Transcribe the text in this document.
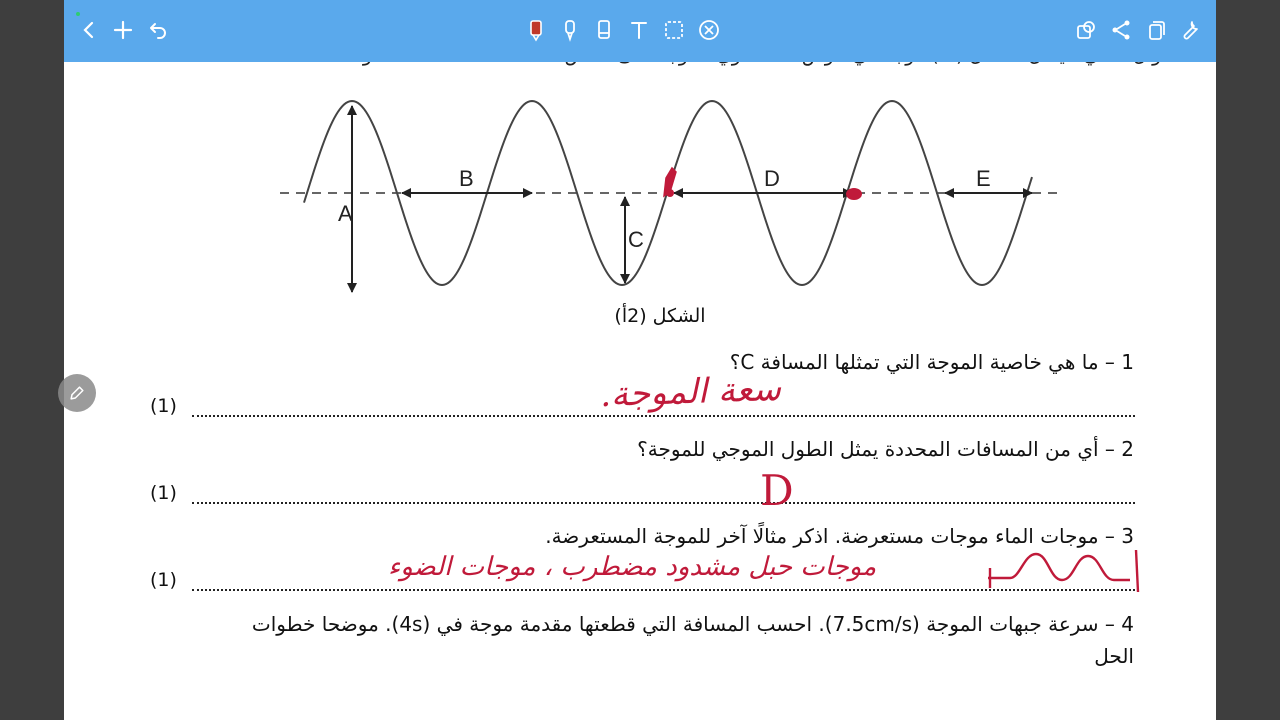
A
B
C
D	E
الشكل (2أ)
1 – ما هي خاصية الموجة التي تمثلها المسافة C؟
(1)	سعة الموجة.
2 – أي من المسافات المحددة يمثل الطول الموجي للموجة؟
(1)	D
3 – موجات الماء موجات مستعرضة. اذكر مثالًا آخر للموجة المستعرضة.
(1)	موجات حبل مشدود مضطرب ، موجات الضوء
4 – سرعة جبهات الموجة (7.5cm/s). احسب المسافة التي قطعتها مقدمة موجة في (4s). موضحا خطوات
الحل
